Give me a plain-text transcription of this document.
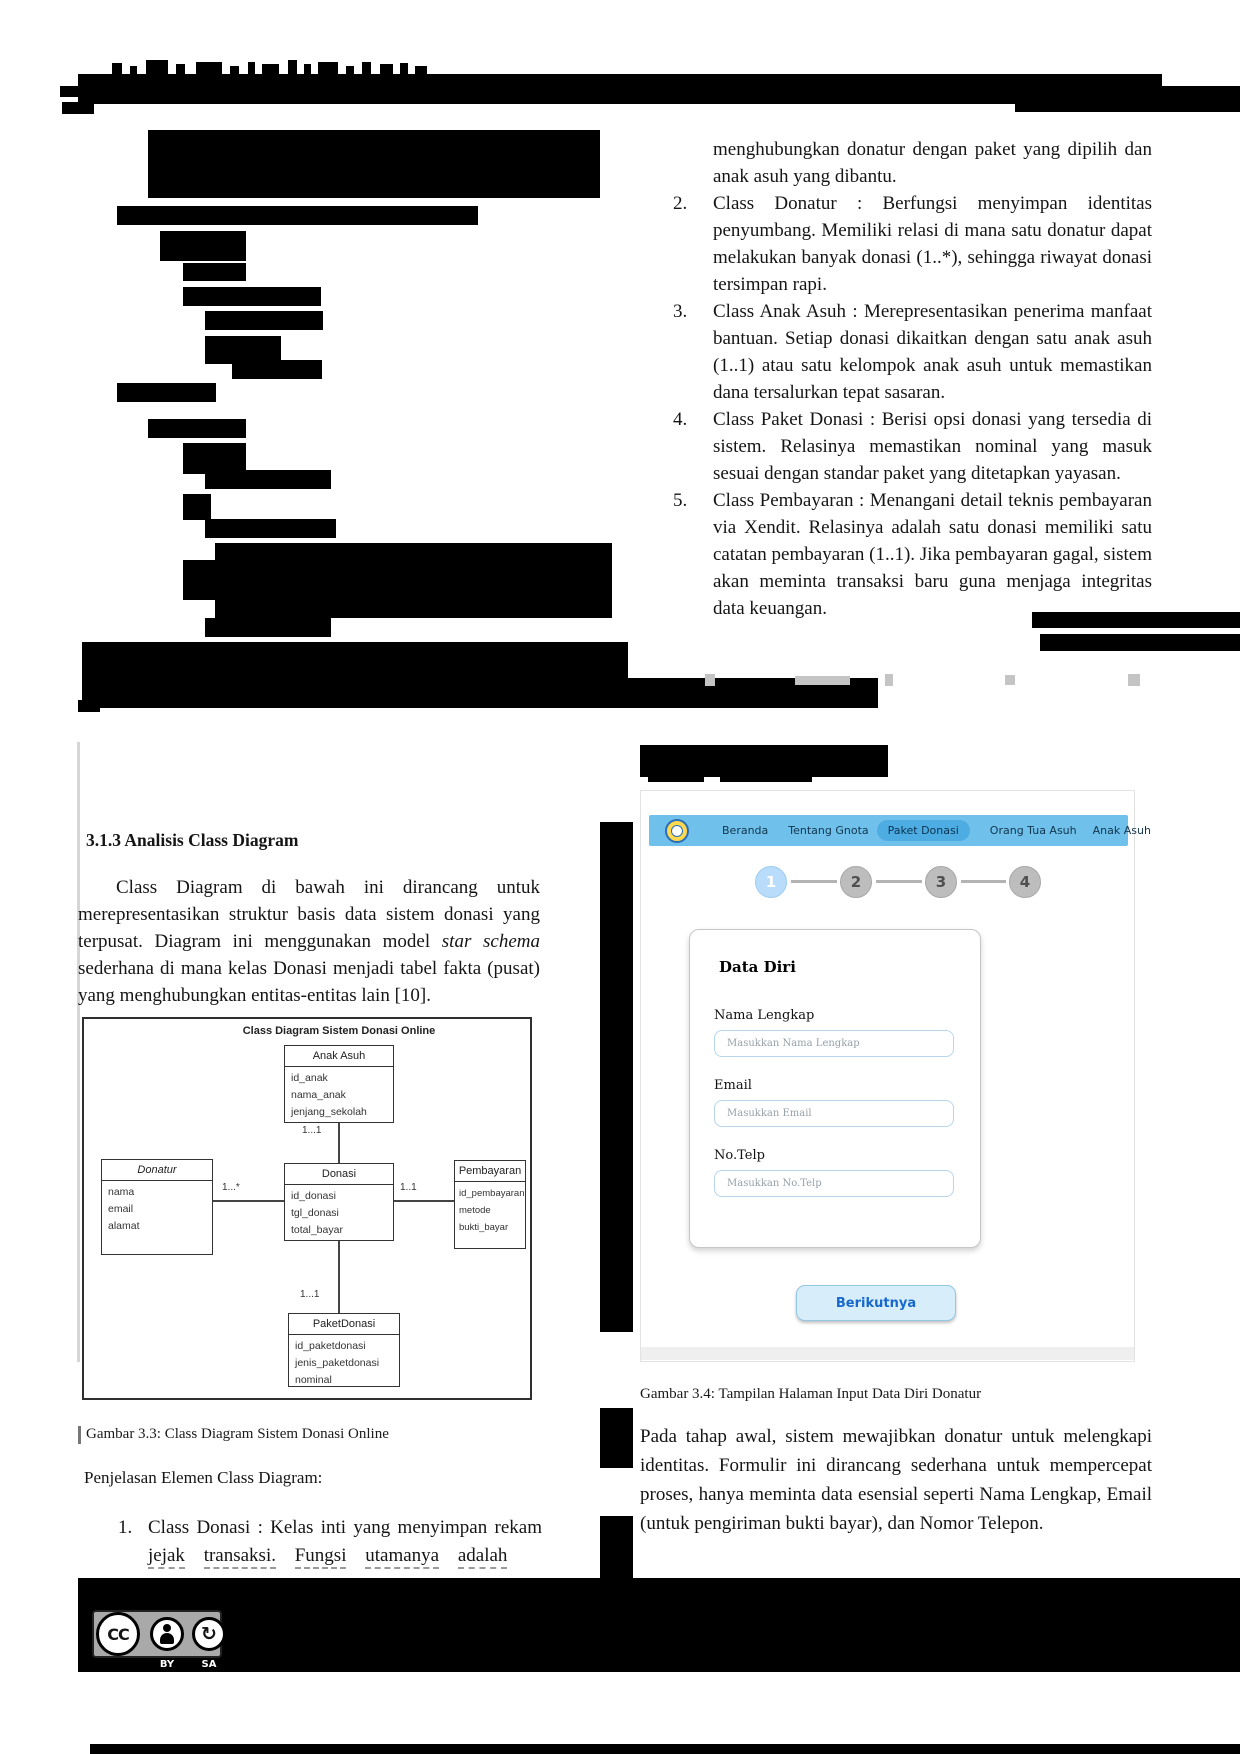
menghubungkan donatur dengan paket yang dipilih dan anak asuh yang dibantu.
2.	Class Donatur : Berfungsi menyimpan identitas penyumbang. Memiliki relasi di mana satu donatur dapat melakukan banyak donasi (1..*), sehingga riwayat donasi tersimpan rapi.
3.	Class Anak Asuh : Merepresentasikan penerima manfaat bantuan. Setiap donasi dikaitkan dengan satu anak asuh (1..1) atau satu kelompok anak asuh untuk memastikan dana tersalurkan tepat sasaran.
4.	Class Paket Donasi : Berisi opsi donasi yang tersedia di sistem. Relasinya memastikan nominal yang masuk sesuai dengan standar paket yang ditetapkan yayasan.
5.	Class Pembayaran : Menangani detail teknis pembayaran via Xendit. Relasinya adalah satu donasi memiliki satu catatan pembayaran (1..1). Jika pembayaran gagal, sistem akan meminta transaksi baru guna menjaga integritas data keuangan.
3.1.3 Analisis Class Diagram

Class Diagram di bawah ini dirancang untuk merepresentasikan struktur basis data sistem donasi yang terpusat. Diagram ini menggunakan model star schema sederhana di mana kelas Donasi menjadi tabel fakta (pusat) yang menghubungkan entitas-entitas lain [10].

Class Diagram Sistem Donasi Online
Anak Asuh
id_anak
nama_anak
jenjang_sekolah
Donatur
nama
email
alamat
Donasi
id_donasi
tgl_donasi
total_bayar
Pembayaran
id_pembayaran
metode
bukti_bayar
PaketDonasi
id_paketdonasi
jenis_paketdonasi
nominal
1...1
1...*	1..1
1...1
Gambar 3.3: Class Diagram Sistem Donasi Online
Penjelasan Elemen Class Diagram:
1. Class Donasi : Kelas inti yang menyimpan rekam jejak transaksi. Fungsi utamanya adalah
Beranda Tentang Gnota	Paket Donasi	Orang Tua Asuh Anak Asuh
1	2	3	4
Data Diri
Nama Lengkap
Masukkan Nama Lengkap
Email
Masukkan Email
No.Telp
Masukkan No.Telp
Berikutnya
Gambar 3.4: Tampilan Halaman Input Data Diri Donatur
Pada tahap awal, sistem mewajibkan donatur untuk melengkapi identitas. Formulir ini dirancang sederhana untuk mempercepat proses, hanya meminta data esensial seperti Nama Lengkap, Email (untuk pengiriman bukti bayar), dan Nomor Telepon.
CC	↻
BY	SA
